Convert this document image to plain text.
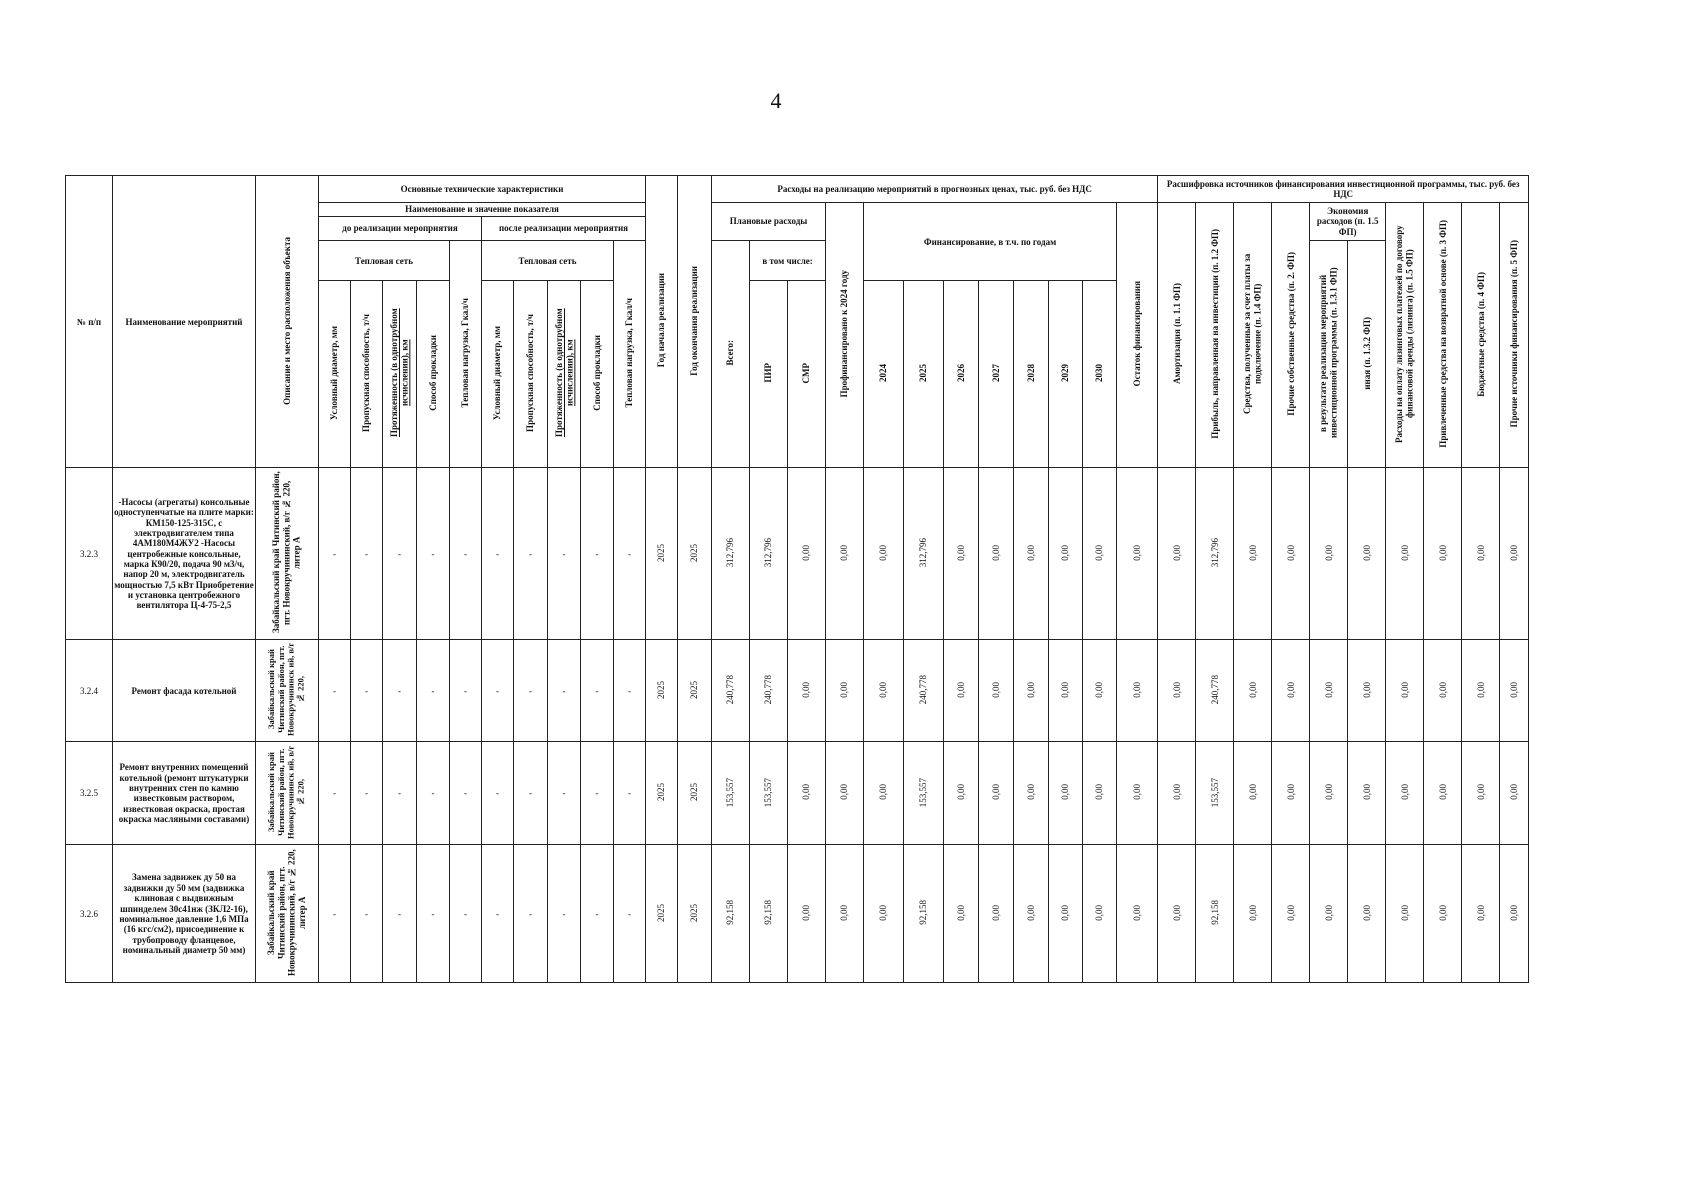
4
№ п/п	Наименование мероприятий	Описание и место расположения объекта	Основные технические характеристики										Год начала реализации	Год окончания реализации	Расходы на реализацию мероприятий в прогнозных ценах, тыс. руб. без НДС												Расшифровка источников финансирования инвестиционной программы, тыс. руб. без НДС									
			Наименование и значение показателя												Плановые расходы			Профинансировано к 2024 году	Финансирование, в т.ч. по годам							Остаток финансирования	Амортизация (п. 1.1 ФП)	Прибыль, направленная на инвестиции (п. 1.2 ФП)	Средства, полученные за счет платы за подключение (п. 1.4 ФП)	Прочие собственные средства (п. 2. ФП)	Экономия расходов (п. 1.5 ФП)		Расходы на оплату лизинговых платежей по договору финансовой аренды (лизинга) (п. 1.5 ФП)	Привлеченные средства на возвратной основе (п. 3 ФП)	Бюджетные средства (п. 4 ФП)	Прочие источники финансирования (п. 5 ФП)
			до реализации мероприятия					после реализации мероприятия																												
			Тепловая сеть				Тепловая нагрузка, Гкал/ч	Тепловая сеть				Тепловая нагрузка, Гкал/ч			Всего:	в том числе:															в результате реализации мероприятий инвестиционной программы (п. 1.3.1 ФП)	иная (п. 1.3.2 ФП)				
			Условный диаметр, мм	Пропускная способность, т/ч	Протяженность (в однотрубном исчислении), км	Способ прокладки		Условный диаметр, мм	Пропускная способность, т/ч	Протяженность (в однотрубном исчислении), км	Способ прокладки					ПИР	СМР		2024	2025	2026	2027	2028	2029	2030											
3.2.3	-Насосы (агрегаты) консольные одноступенчатые на плите марки: КМ150-125-315С, с электродвигателем типа 4АМ180М4ЖУ2 -Насосы центробежные консольные, марка К90/20, подача 90 м3/ч, напор 20 м, электродвигатель мощностью 7,5 кВт Приобретение и установка центробежного вентилятора Ц-4-75-2,5	Забайкальский край Читинский район, пгт. Новокручининский, в/г № 220, литер А	-	-	-	-	-	-	-	-	-	-	2025	2025	312,796	312,796	0,00	0,00	0,00	312,796	0,00	0,00	0,00	0,00	0,00	0,00	0,00	312,796	0,00	0,00	0,00	0,00	0,00	0,00	0,00	0,00
3.2.4	Ремонт фасада котельной	Забайкальский край Читинский район, пгт. Новокручининск ий, в/г № 220,	-	-	-	-	-	-	-	-	-	-	2025	2025	240,778	240,778	0,00	0,00	0,00	240,778	0,00	0,00	0,00	0,00	0,00	0,00	0,00	240,778	0,00	0,00	0,00	0,00	0,00	0,00	0,00	0,00
3.2.5	Ремонт внутренних помещений котельной (ремонт штукатурки внутренних стен по камню известковым раствором, известковая окраска, простая окраска масляными составами)	Забайкальский край Читинский район, пгт. Новокручининск ий, в/г № 220,	-	-	-	-	-	-	-	-	-	-	2025	2025	153,557	153,557	0,00	0,00	0,00	153,557	0,00	0,00	0,00	0,00	0,00	0,00	0,00	153,557	0,00	0,00	0,00	0,00	0,00	0,00	0,00	0,00
3.2.6	Замена задвижек ду 50 на задвижки ду 50 мм (задвижка клиновая с выдвижным шпинделем 30с41нж (ЗКЛ2-16), номинальное давление 1,6 МПа (16 кгс/см2), присоединение к трубопроводу фланцевое, номинальный диаметр 50 мм)	Забайкальский край Читинский район, пгт. Новокручининский, в/г № 220, литер А	-	-	-	-	-	-	-	-	-	-	2025	2025	92,158	92,158	0,00	0,00	0,00	92,158	0,00	0,00	0,00	0,00	0,00	0,00	0,00	92,158	0,00	0,00	0,00	0,00	0,00	0,00	0,00	0,00
